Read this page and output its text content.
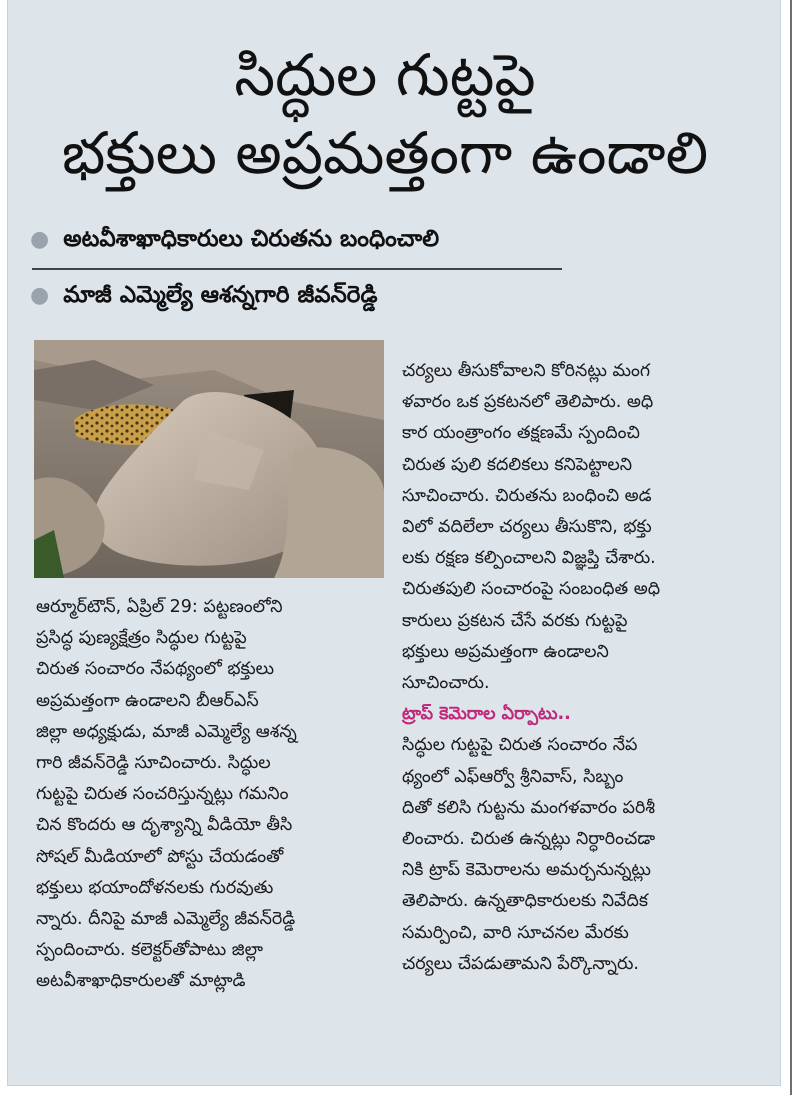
సిద్ధుల గుట్టపై
భక్తులు అప్రమత్తంగా ఉండాలి
● అటవీశాఖాధికారులు చిరుతను బంధించాలి
● మాజీ ఎమ్మెల్యే ఆశన్నగారి జీవన్‌రెడ్డి

ఆర్మూర్‌టౌన్, ఏప్రిల్ 29: పట్టణంలోని

ప్రసిద్ధ పుణ్యక్షేత్రం సిద్ధుల గుట్టపై

చిరుత సంచారం నేపథ్యంలో భక్తులు

అప్రమత్తంగా ఉండాలని బీఆర్ఎస్

జిల్లా అధ్యక్షుడు, మాజీ ఎమ్మెల్యే ఆశన్న

గారి జీవన్‌రెడ్డి సూచించారు. సిద్ధుల

గుట్టపై చిరుత సంచరిస్తున్నట్లు గమనిం

చిన కొందరు ఆ దృశ్యాన్ని వీడియో తీసి

సోషల్ మీడియాలో పోస్టు చేయడంతో

భక్తులు భయాందోళనలకు గురవుతు

న్నారు. దీనిపై మాజీ ఎమ్మెల్యే జీవన్‌రెడ్డి

స్పందించారు. కలెక్టర్‌తోపాటు జిల్లా

అటవీశాఖాధికారులతో మాట్లాడి

చర్యలు తీసుకోవాలని కోరినట్లు మంగ

ళవారం ఒక ప్రకటనలో తెలిపారు. అధి

కార యంత్రాంగం తక్షణమే స్పందించి

చిరుత పులి కదలికలు కనిపెట్టాలని

సూచించారు. చిరుతను బంధించి అడ

విలో వదిలేలా చర్యలు తీసుకొని, భక్తు

లకు రక్షణ కల్పించాలని విజ్ఞప్తి చేశారు.

చిరుతపులి సంచారంపై సంబంధిత అధి

కారులు ప్రకటన చేసే వరకు గుట్టపై

భక్తులు అప్రమత్తంగా ఉండాలని

సూచించారు.

ట్రాప్ కెమెరాల ఏర్పాటు..

సిద్ధుల గుట్టపై చిరుత సంచారం నేప

థ్యంలో ఎఫ్ఆర్వో శ్రీనివాస్, సిబ్బం

దితో కలిసి గుట్టను మంగళవారం పరిశీ

లించారు. చిరుత ఉన్నట్లు నిర్ధారించడా

నికి ట్రాప్ కెమెరాలను అమర్చనున్నట్లు

తెలిపారు. ఉన్నతాధికారులకు నివేదిక

సమర్పించి, వారి సూచనల మేరకు

చర్యలు చేపడుతామని పేర్కొన్నారు.
